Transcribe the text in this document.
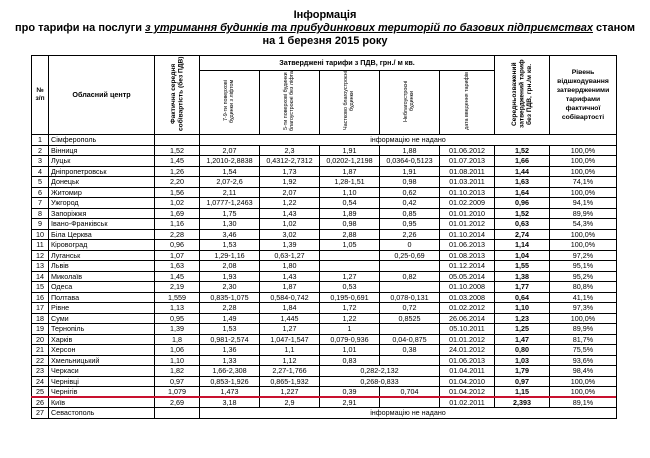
Інформація
про тарифи на послуги з утримання будинків та прибудинкових територій по базових підприємствах станом
на 1 березня 2015 року
№ з/п	Обласний центр	Фактична середня собівартість (без ПДВ)	Затверджені тарифи з ПДВ, грн./ м кв.					Середньозважений затверджений тариф без ПДВ, грн./м кв.	Рівень відшкодування затвердженими тарифами фактичної собівартості	
			7-9-ти поверхові будинки з ліфтом	5-ти поверхові будинки благоустроєні без ліфта	Частково благоустроєні будинки	Неблагоустроєні будинки	дата введення тарифів			
1	Сімферополь		інформацію не надано							
2	Вінниця	1,52	2,07	2,3	1,91	1,88	01.06.2012	1,52	100,0%	
3	Луцьк	1,45	1,2010-2,8838	0,4312-2,7312	0,0202-1,2198	0,0364-0,5123	01.07.2013	1,66	100,0%	
4	Дніпропетровськ	1,26	1,54	1,73	1,87	1,91	01.08.2011	1,44	100,0%	
5	Донецьк	2,20	2,07-2,6	1,92	1,28-1,51	0,98	01.03.2011	1,63	74,1%	
6	Житомир	1,56	2,11	2,07	1,10	0,62	01.10.2013	1,64	100,0%	
7	Ужгород	1,02	1,0777-1,2463	1,22	0,54	0,42	01.02.2009	0,96	94,1%	
8	Запоріжжя	1,69	1,75	1,43	1,89	0,85	01.01.2010	1,52	89,9%	
9	Івано-Франківськ	1,16	1,30	1,02	0,98	0,95	01.01.2012	0,63	54,3%	
10	Біла Церква	2,28	3,46	3,02	2,88	2,26	01.10.2014	2,74	100,0%	
11	Кіровоград	0,96	1,53	1,39	1,05	0	01.06.2013	1,14	100,0%	
12	Луганськ	1,07	1,29-1,16	0,63-1,27		0,25-0,69	01.08.2013	1,04	97,2%	
13	Львів	1,63	2,08	1,80			01.12.2014	1,55	95,1%	
14	Миколаїв	1,45	1,93	1,43	1,27	0,82	05.05.2014	1,38	95,2%	
15	Одеса	2,19	2,30	1,87	0,53		01.10.2008	1,77	80,8%	
16	Полтава	1,559	0,835-1,075	0,584-0,742	0,195-0,691	0,078-0,131	01.03.2008	0,64	41,1%	
17	Рівне	1,13	2,28	1,84	1,72	0,72	01.02.2012	1,10	97,3%	
18	Суми	0,95	1,49	1,445	1,22	0,8525	26.06.2014	1,23	100,0%	
19	Тернопіль	1,39	1,53	1,27	1		05.10.2011	1,25	89,9%	
20	Харків	1,8	0,981-2,574	1,047-1,547	0,079-0,936	0,04-0,875	01.01.2012	1,47	81,7%	
21	Херсон	1,06	1,36	1,1	1,01	0,38	24.01.2012	0,80	75,5%	
22	Хмельницький	1,10	1,33	1,12	0,83		01.06.2013	1,03	93,6%	
23	Черкаси	1,82	1,66-2,308	2,27-1,766	0,282-2,132		01.04.2011	1,79	98,4%	
24	Чернівці	0,97	0,853-1,926	0,865-1,932	0,268-0,833		01.04.2010	0,97	100,0%	
25	Чернігів	1,079	1,473	1,227	0,39	0,704	01.04.2012	1,15	100,0%	
26	Київ	2,69	3,18	2,9	2,91		01.02.2011	2,393	89,1%	
27	Севастополь		інформацію не надано							
